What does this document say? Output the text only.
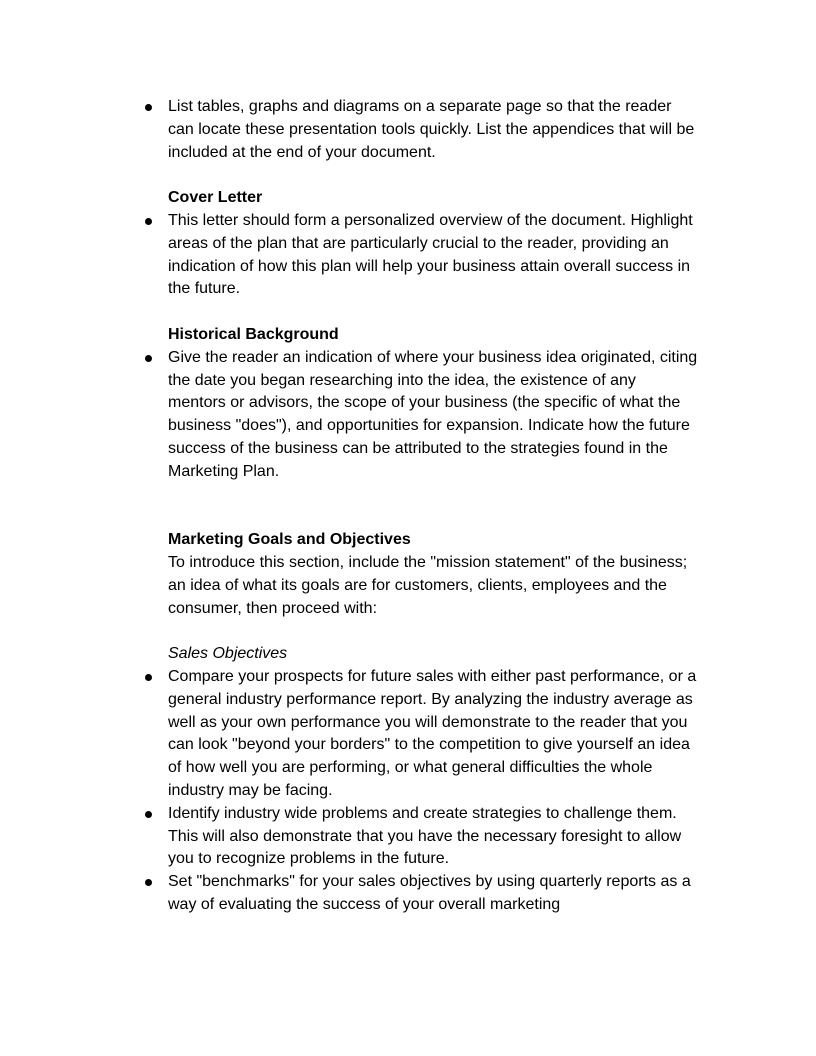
List tables, graphs and diagrams on a separate page so that the reader can locate these presentation tools quickly. List the appendices that will be included at the end of your document.

Cover Letter

This letter should form a personalized overview of the document. Highlight areas of the plan that are particularly crucial to the reader, providing an indication of how this plan will help your business attain overall success in the future.

Historical Background

Give the reader an indication of where your business idea originated, citing the date you began researching into the idea, the existence of any mentors or advisors, the scope of your business (the specific of what the business "does"), and opportunities for expansion. Indicate how the future success of the business can be attributed to the strategies found in the Marketing Plan.

Marketing Goals and Objectives

To introduce this section, include the "mission statement" of the business; an idea of what its goals are for customers, clients, employees and the consumer, then proceed with:

Sales Objectives

Compare your prospects for future sales with either past performance, or a general industry performance report. By analyzing the industry average as well as your own performance you will demonstrate to the reader that you can look "beyond your borders" to the competition to give yourself an idea of how well you are performing, or what general difficulties the whole industry may be facing.
Identify industry wide problems and create strategies to challenge them. This will also demonstrate that you have the necessary foresight to allow you to recognize problems in the future.
Set "benchmarks" for your sales objectives by using quarterly reports as a way of evaluating the success of your overall marketing
